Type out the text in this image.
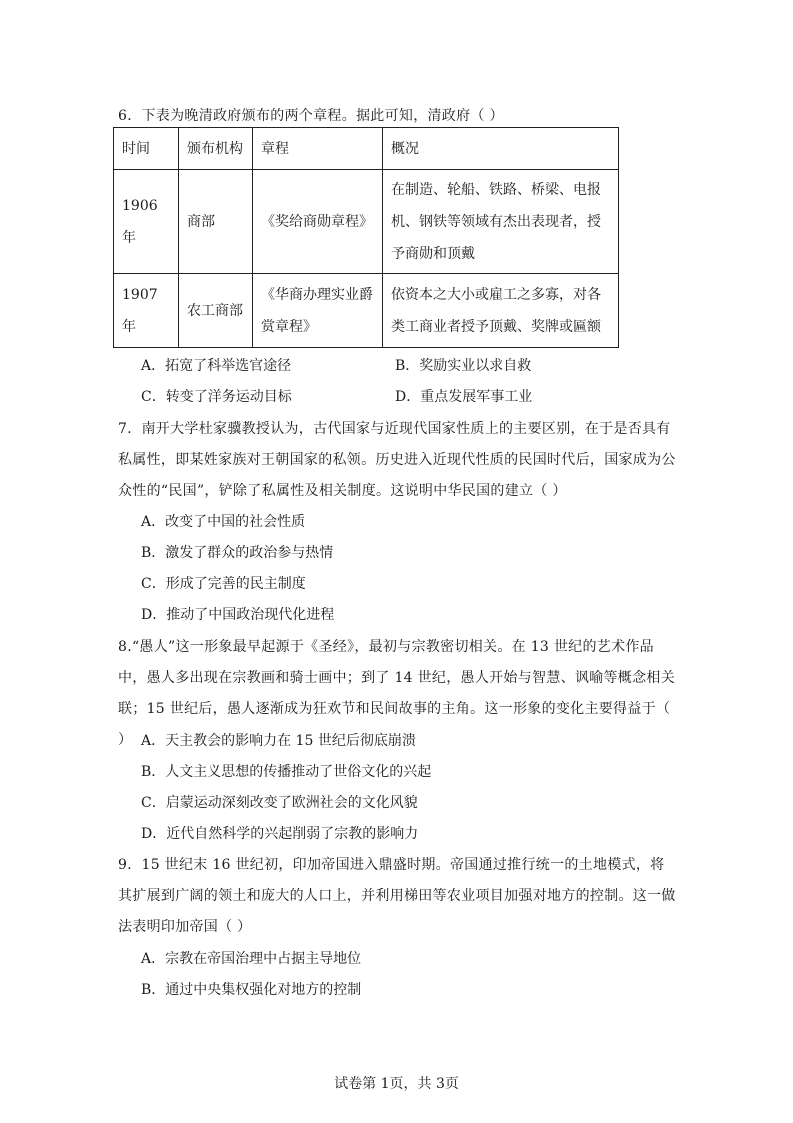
6．下表为晚清政府颁布的两个章程。据此可知，清政府（ ）
时间	颁布机构	章程	概况
1906 年	商部	《奖给商勋章程》	在制造、轮船、铁路、桥梁、电报机、钢铁等领域有杰出表现者，授予商勋和顶戴
1907 年	农工商部	《华商办理实业爵赏章程》	依资本之大小或雇工之多寡，对各类工商业者授予顶戴、奖牌或匾额
A．拓宽了科举选官途径	B．奖励实业以求自救
C．转变了洋务运动目标	D．重点发展军事工业
7．南开大学杜家骥教授认为，古代国家与近现代国家性质上的主要区别，在于是否具有私属性，即某姓家族对王朝国家的私领。历史进入近现代性质的民国时代后，国家成为公众性的“民国”，铲除了私属性及相关制度。这说明中华民国的建立（ ）
A．改变了中国的社会性质
B．激发了群众的政治参与热情
C．形成了完善的民主制度
D．推动了中国政治现代化进程
8.“愚人”这一形象最早起源于《圣经》，最初与宗教密切相关。在 13 世纪的艺术作品中，愚人多出现在宗教画和骑士画中；到了 14 世纪，愚人开始与智慧、讽喻等概念相关联；15 世纪后，愚人逐渐成为狂欢节和民间故事的主角。这一形象的变化主要得益于（ ） A．天主教会的影响力在 15 世纪后彻底崩溃
B．人文主义思想的传播推动了世俗文化的兴起
C．启蒙运动深刻改变了欧洲社会的文化风貌
D．近代自然科学的兴起削弱了宗教的影响力
9．15 世纪末 16 世纪初，印加帝国进入鼎盛时期。帝国通过推行统一的土地模式，将其扩展到广阔的领土和庞大的人口上，并利用梯田等农业项目加强对地方的控制。这一做法表明印加帝国（ ）
A．宗教在帝国治理中占据主导地位
B．通过中央集权强化对地方的控制
试卷第 1页，共 3页
